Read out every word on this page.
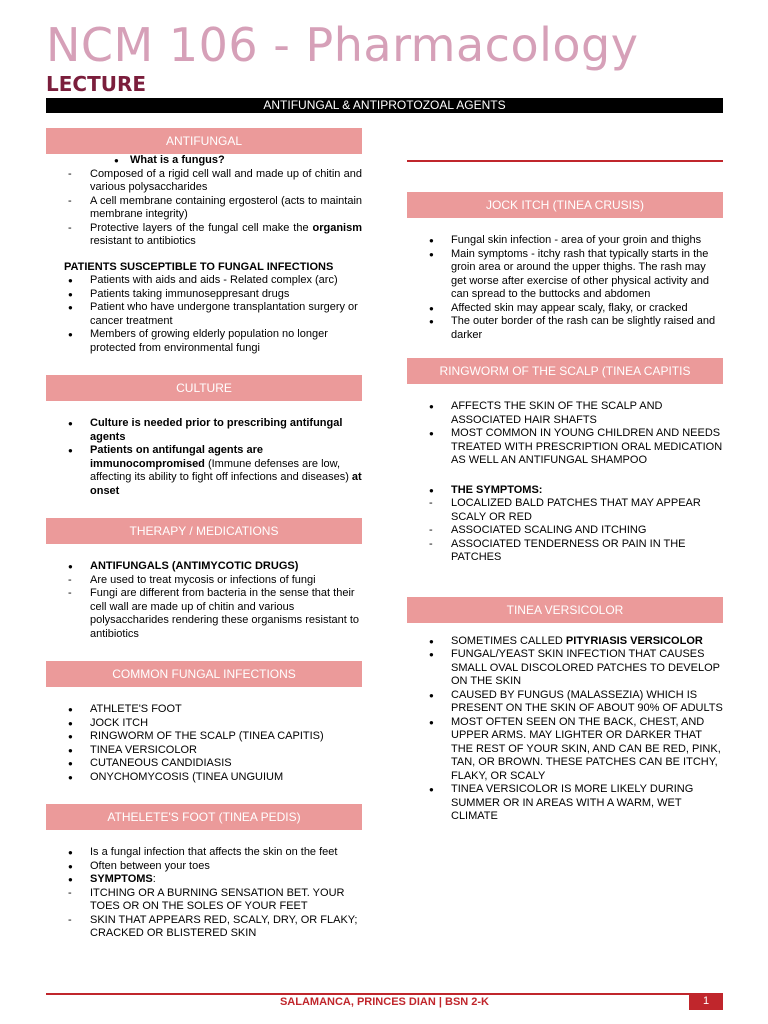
NCM 106 - Pharmacology
LECTURE
ANTIFUNGAL & ANTIPROTOZOAL AGENTS
ANTIFUNGAL
● What is a fungus?
- Composed of a rigid cell wall and made up of chitin and various polysaccharides
- A cell membrane containing ergosterol (acts to maintain membrane integrity)
- Protective layers of the fungal cell make the organism resistant to antibiotics
PATIENTS SUSCEPTIBLE TO FUNGAL INFECTIONS
● Patients with aids and aids - Related complex (arc)
● Patients taking immunoseppresant drugs
● Patient who have undergone transplantation surgery or cancer treatment
● Members of growing elderly population no longer protected from environmental fungi
CULTURE
● Culture is needed prior to prescribing antifungal agents
● Patients on antifungal agents are immunocompromised (Immune defenses are low, affecting its ability to fight off infections and diseases) at onset
THERAPY / MEDICATIONS
● ANTIFUNGALS (ANTIMYCOTIC DRUGS)
- Are used to treat mycosis or infections of fungi
- Fungi are different from bacteria in the sense that their cell wall are made up of chitin and various polysaccharides rendering these organisms resistant to antibiotics
COMMON FUNGAL INFECTIONS
● ATHLETE'S FOOT
● JOCK ITCH
● RINGWORM OF THE SCALP (TINEA CAPITIS)
● TINEA VERSICOLOR
● CUTANEOUS CANDIDIASIS
● ONYCHOMYCOSIS (TINEA UNGUIUM
ATHELETE'S FOOT (TINEA PEDIS)
● Is a fungal infection that affects the skin on the feet
● Often between your toes
● SYMPTOMS:
- ITCHING OR A BURNING SENSATION BET. YOUR TOES OR ON THE SOLES OF YOUR FEET
- SKIN THAT APPEARS RED, SCALY, DRY, OR FLAKY; CRACKED OR BLISTERED SKIN
JOCK ITCH (TINEA CRUSIS)
● Fungal skin infection - area of your groin and thighs
● Main symptoms - itchy rash that typically starts in the groin area or around the upper thighs. The rash may get worse after exercise of other physical activity and can spread to the buttocks and abdomen
● Affected skin may appear scaly, flaky, or cracked
● The outer border of the rash can be slightly raised and darker
RINGWORM OF THE SCALP (TINEA CAPITIS
● AFFECTS THE SKIN OF THE SCALP AND ASSOCIATED HAIR SHAFTS
● MOST COMMON IN YOUNG CHILDREN AND NEEDS TREATED WITH PRESCRIPTION ORAL MEDICATION AS WELL AN ANTIFUNGAL SHAMPOO
● THE SYMPTOMS:
- LOCALIZED BALD PATCHES THAT MAY APPEAR SCALY OR RED
- ASSOCIATED SCALING AND ITCHING
- ASSOCIATED TENDERNESS OR PAIN IN THE PATCHES
TINEA VERSICOLOR
● SOMETIMES CALLED PITYRIASIS VERSICOLOR
● FUNGAL/YEAST SKIN INFECTION THAT CAUSES SMALL OVAL DISCOLORED PATCHES TO DEVELOP ON THE SKIN
● CAUSED BY FUNGUS (MALASSEZIA) WHICH IS PRESENT ON THE SKIN OF ABOUT 90% OF ADULTS
● MOST OFTEN SEEN ON THE BACK, CHEST, AND UPPER ARMS. MAY LIGHTER OR DARKER THAT THE REST OF YOUR SKIN, AND CAN BE RED, PINK, TAN, OR BROWN. THESE PATCHES CAN BE ITCHY, FLAKY, OR SCALY
● TINEA VERSICOLOR IS MORE LIKELY DURING SUMMER OR IN AREAS WITH A WARM, WET CLIMATE
SALAMANCA, PRINCES DIAN | BSN 2-K	1
